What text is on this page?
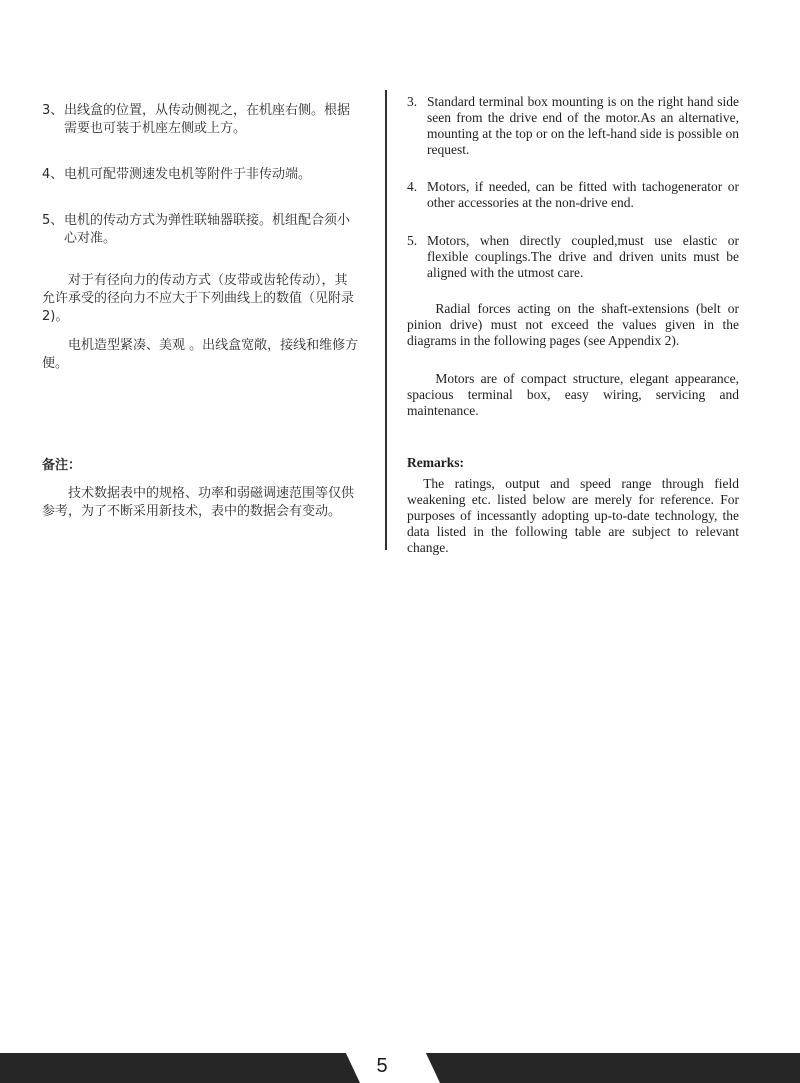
3、 出线盒的位置，从传动侧视之，在机座右侧。根据需要也可装于机座左侧或上方。
4、 电机可配带测速发电机等附件于非传动端。
5、 电机的传动方式为弹性联轴器联接。机组配合须小心对准。

对于有径向力的传动方式（皮带或齿轮传动），其允许承受的径向力不应大于下列曲线上的数值（见附录2)。

电机造型紧凑、美观 。出线盒宽敞，接线和维修方便。

备注：

技术数据表中的规格、功率和弱磁调速范围等仅供参考，为了不断采用新技术，表中的数据会有变动。

3. Standard terminal box mounting is on the right hand side seen from the drive end of the motor.As an alternative, mounting at the top or on the left-hand side is possible on request.
4. Motors, if needed, can be fitted with tachogenerator or other accessories at the non-drive end.
5. Motors, when directly coupled,must use elastic or flexible couplings.The drive and driven units must be aligned with the utmost care.

Radial forces acting on the shaft-extensions (belt or pinion drive) must not exceed the values given in the diagrams in the following pages (see Appendix 2).

Motors are of compact structure, elegant appearance, spacious terminal box, easy wiring, servicing and maintenance.

Remarks:

The ratings, output and speed range through field weakening etc. listed below are merely for reference. For purposes of incessantly adopting up-to-date technology, the data listed in the following table are subject to relevant change.

5
